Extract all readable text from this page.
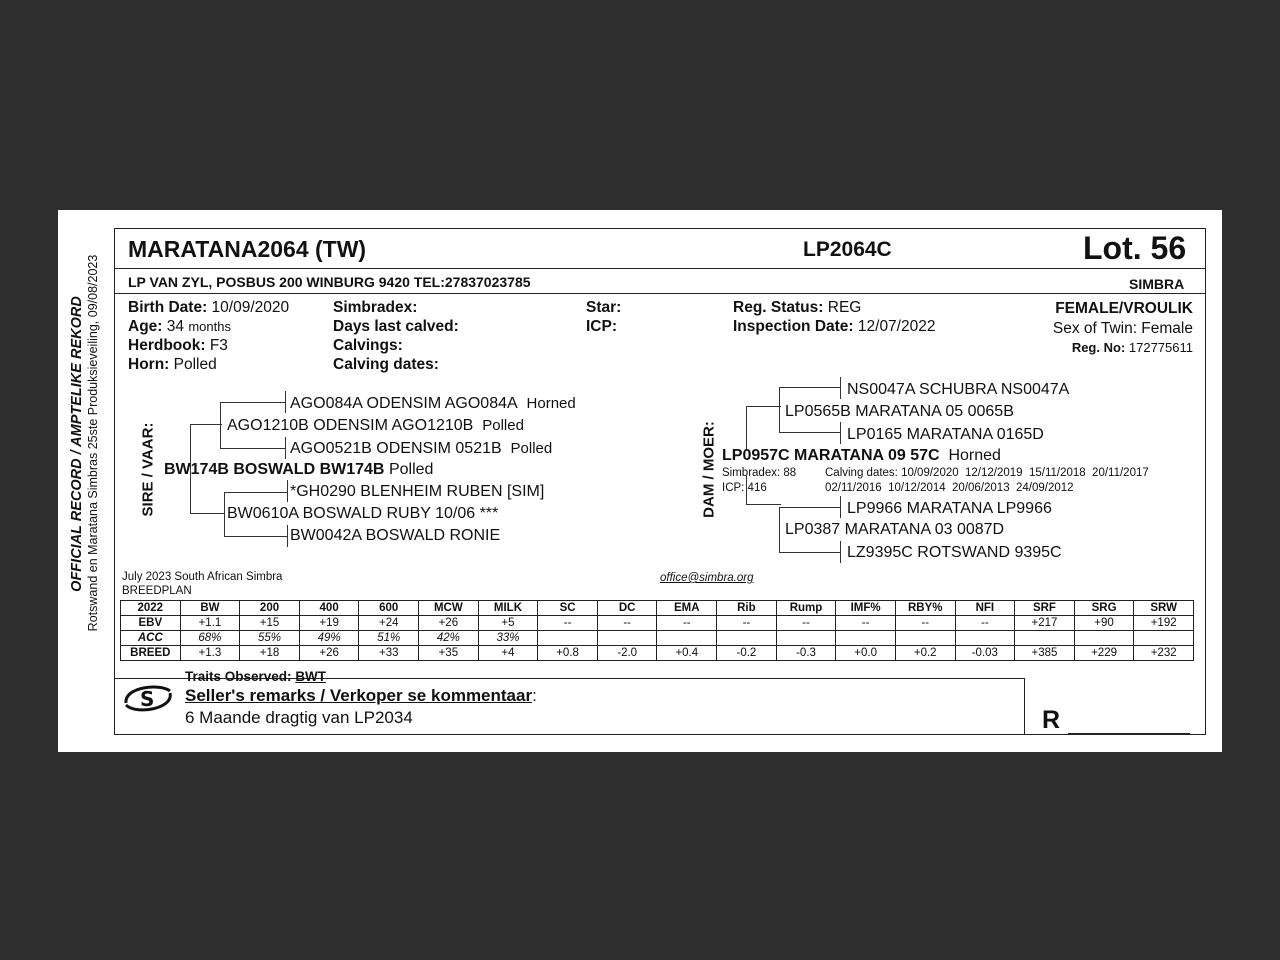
OFFICIAL RECORD / AMPTELIKE REKORD Rotswand en Maratana Simbras 25ste Produksieveiling, 09/08/2023
MARATANA2064 (TW)	LP2064C	Lot. 56
LP VAN ZYL, POSBUS 200 WINBURG 9420 TEL:27837023785	SIMBRA
Birth Date: 10/09/2020
Age: 34 months
Herdbook: F3
Horn: Polled
Simbradex:
Days last calved:
Calvings:
Calving dates:
Star:
ICP:
Reg. Status: REG
Inspection Date: 12/07/2022
FEMALE/VROULIK
Sex of Twin: Female
Reg. No: 172775611
SIRE / VAAR:
AGO084A ODENSIM AGO084A Horned
AGO1210B ODENSIM AGO1210B Polled
AGO0521B ODENSIM 0521B Polled
BW174B BOSWALD BW174B Polled
*GH0290 BLENHEIM RUBEN [SIM]
BW0610A BOSWALD RUBY 10/06 ***
BW0042A BOSWALD RONIE
DAM / MOER:
NS0047A SCHUBRA NS0047A
LP0565B MARATANA 05 0065B
LP0165 MARATANA 0165D
LP0957C MARATANA 09 57C Horned
Simbradex: 88
ICP: 416
Calving dates: 10/09/2020  12/12/2019  15/11/2018  20/11/2017
02/11/2016  10/12/2014  20/06/2013  24/09/2012
LP9966 MARATANA LP9966
LP0387 MARATANA 03 0087D
LZ9395C ROTSWAND 9395C
July 2023 South African Simbra
BREEDPLAN
office@simbra.org
2022	BW	200	400	600	MCW	MILK	SC	DC	EMA	Rib	Rump	IMF%	RBY%	NFI	SRF	SRG	SRW
EBV	+1.1	+15	+19	+24	+26	+5	--	--	--	--	--	--	--	--	+217	+90	+192
ACC	68%	55%	49%	51%	42%	33%											
BREED	+1.3	+18	+26	+33	+35	+4	+0.8	-2.0	+0.4	-0.2	-0.3	+0.0	+0.2	-0.03	+385	+229	+232
S
Traits Observed: BWT
Seller's remarks / Verkoper se kommentaar:
6 Maande dragtig van LP2034	R
